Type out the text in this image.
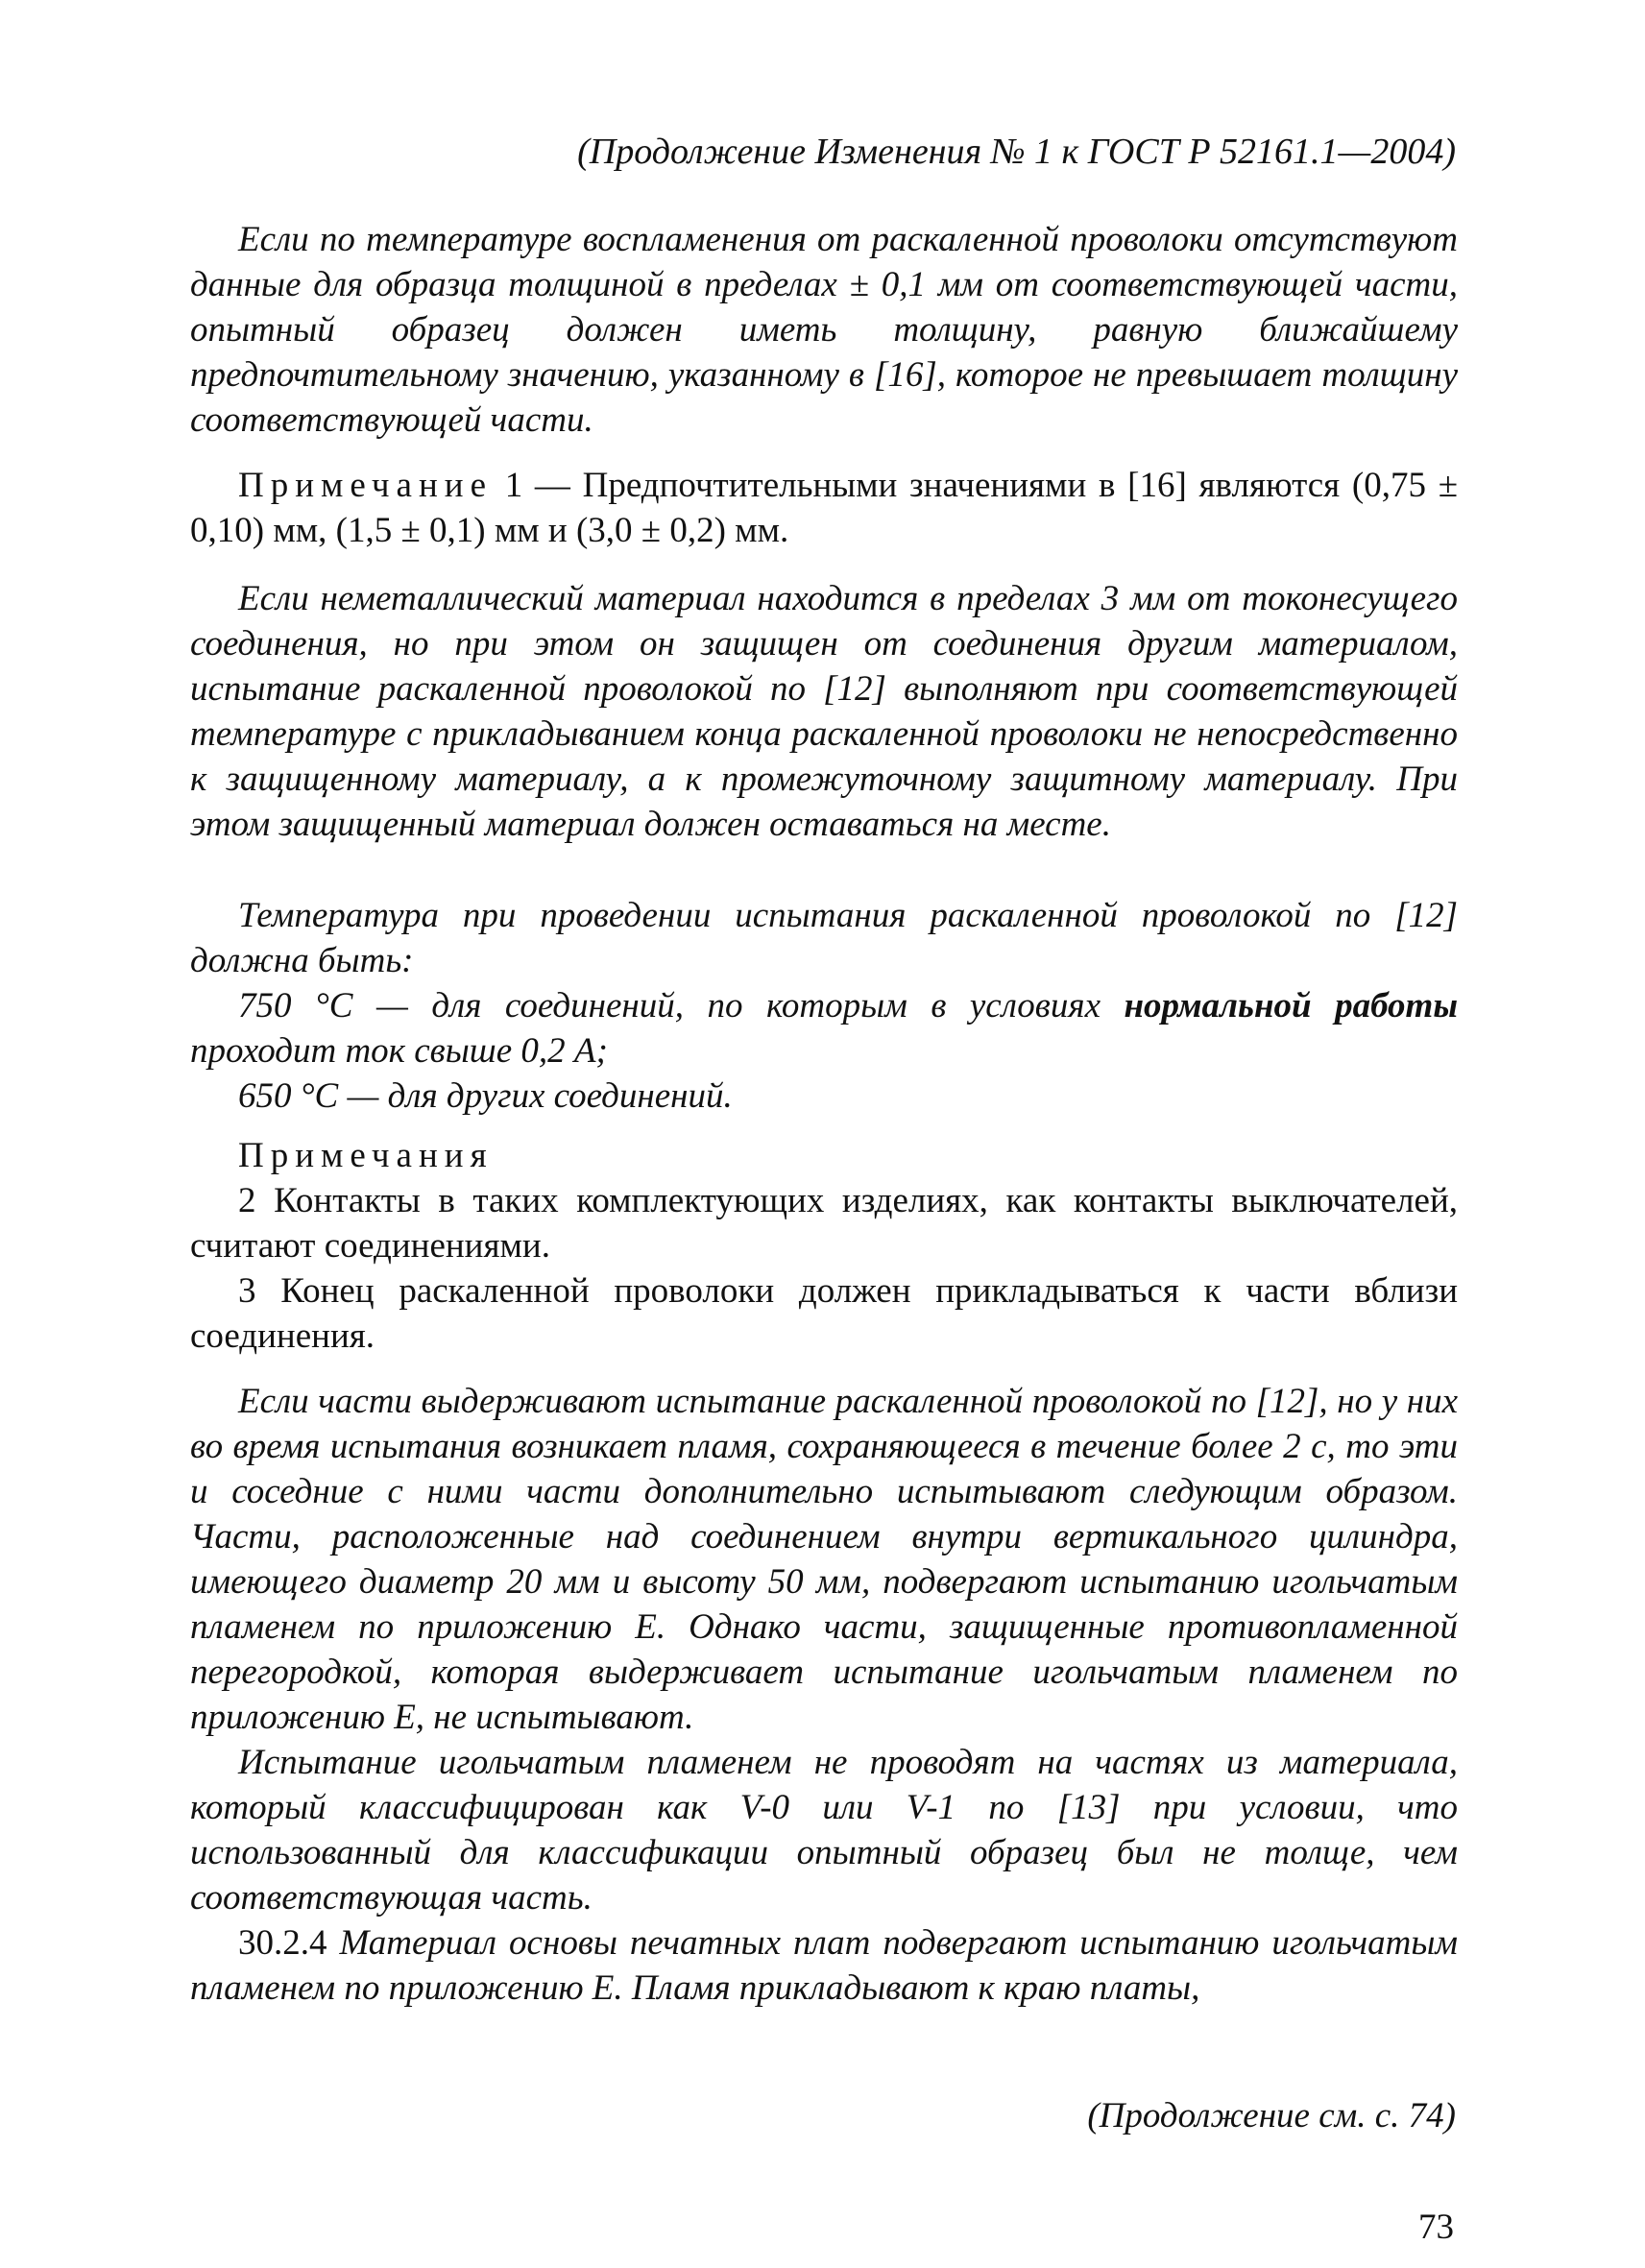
(Продолжение Изменения № 1 к ГОСТ Р 52161.1—2004)

Если по температуре воспламенения от раскаленной проволоки отсутствуют данные для образца толщиной в пределах ± 0,1 мм от соответствующей части, опытный образец должен иметь толщину, равную ближайшему предпочтительному значению, указанному в [16], которое не превышает толщину соответствующей части.

Примечание 1 — Предпочтительными значениями в [16] являются (0,75 ± 0,10) мм, (1,5 ± 0,1) мм и (3,0 ± 0,2) мм.

Если неметаллический материал находится в пределах 3 мм от токонесущего соединения, но при этом он защищен от соединения другим материалом, испытание раскаленной проволокой по [12] выполняют при соответствующей температуре с прикладыванием конца раскаленной проволоки не непосредственно к защищенному материалу, а к промежуточному защитному материалу. При этом защищенный материал должен оставаться на месте.

Температура при проведении испытания раскаленной проволокой по [12] должна быть:

750 °С — для соединений, по которым в условиях нормальной работы проходит ток свыше 0,2 А;

650 °С — для других соединений.

Примечания

2 Контакты в таких комплектующих изделиях, как контакты выключателей, считают соединениями.

3 Конец раскаленной проволоки должен прикладываться к части вблизи соединения.

Если части выдерживают испытание раскаленной проволокой по [12], но у них во время испытания возникает пламя, сохраняющееся в течение более 2 с, то эти и соседние с ними части дополнительно испытывают следующим образом. Части, расположенные над соединением внутри вертикального цилиндра, имеющего диаметр 20 мм и высоту 50 мм, подвергают испытанию игольчатым пламенем по приложению Е. Однако части, защищенные противопламенной перегородкой, которая выдерживает испытание игольчатым пламенем по приложению Е, не испытывают.

Испытание игольчатым пламенем не проводят на частях из материала, который классифицирован как V-0 или V-1 по [13] при условии, что использованный для классификации опытный образец был не толще, чем соответствующая часть.

30.2.4 Материал основы печатных плат подвергают испытанию игольчатым пламенем по приложению Е. Пламя прикладывают к краю платы,

(Продолжение см. с. 74)
73
